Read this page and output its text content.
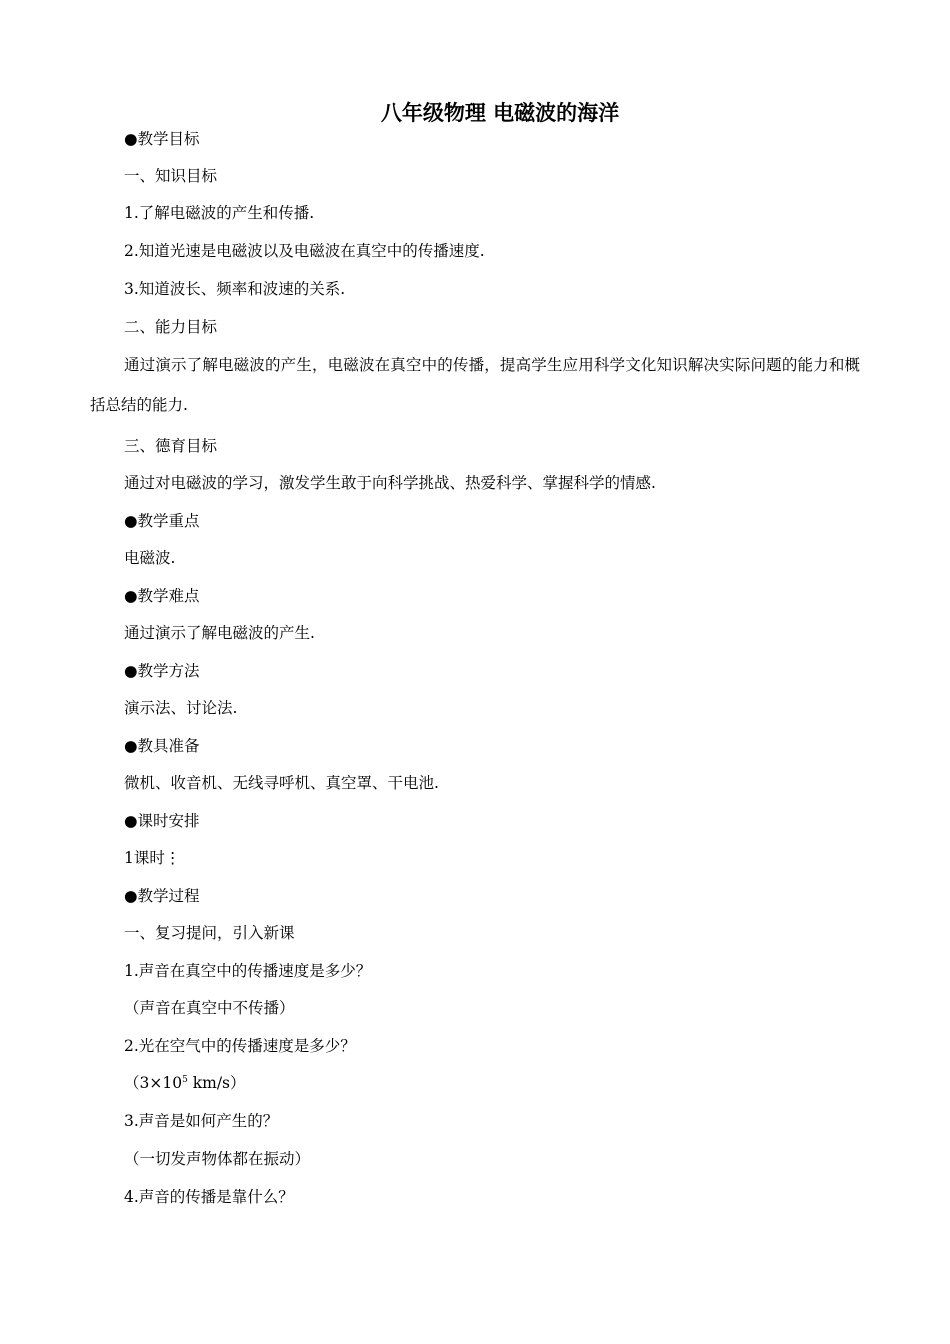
八年级物理 电磁波的海洋
●教学目标
一、知识目标
1.了解电磁波的产生和传播.
2.知道光速是电磁波以及电磁波在真空中的传播速度.
3.知道波长、频率和波速的关系.
二、能力目标
通过演示了解电磁波的产生，电磁波在真空中的传播，提高学生应用科学文化知识解决实际问题的能力和概括总结的能力.
三、德育目标
通过对电磁波的学习，激发学生敢于向科学挑战、热爱科学、掌握科学的情感.
●教学重点
电磁波.
●教学难点
通过演示了解电磁波的产生.
●教学方法
演示法、讨论法.
●教具准备
微机、收音机、无线寻呼机、真空罩、干电池.
●课时安排
1课时⋮
●教学过程
一、复习提问，引入新课
1.声音在真空中的传播速度是多少？
（声音在真空中不传播）
2.光在空气中的传播速度是多少？
（$3\times 10^5$ km/s）
3.声音是如何产生的？
（一切发声物体都在振动）
4.声音的传播是靠什么？
